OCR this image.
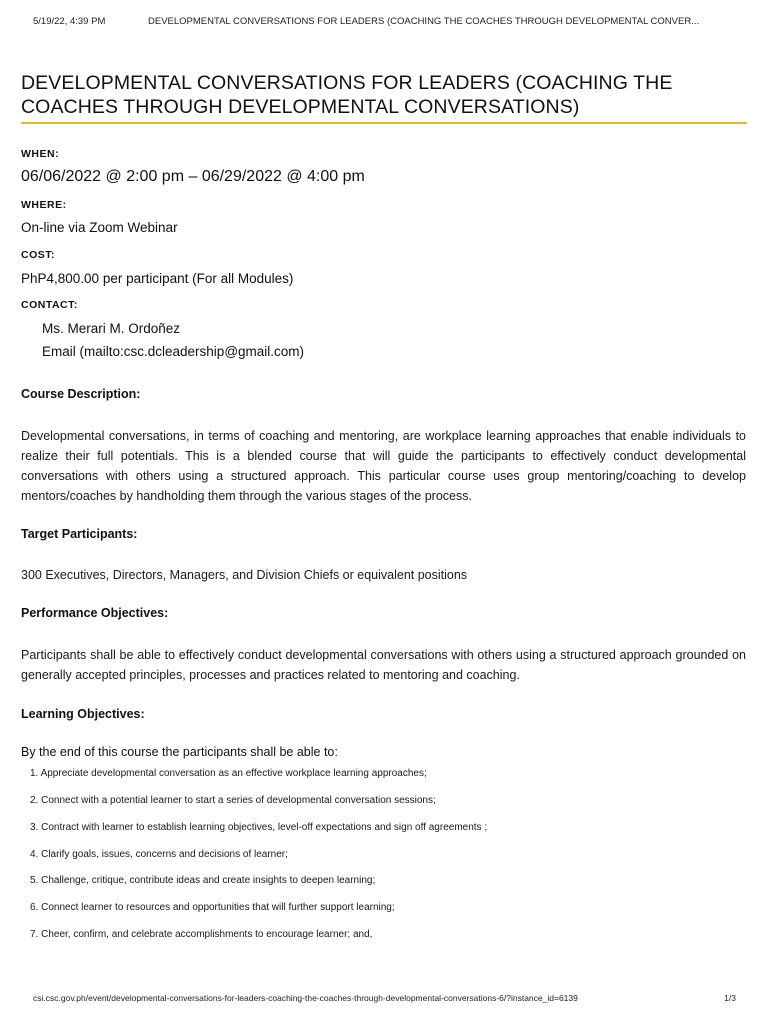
5/19/22, 4:39 PM	DEVELOPMENTAL CONVERSATIONS FOR LEADERS (COACHING THE COACHES THROUGH DEVELOPMENTAL CONVER...
DEVELOPMENTAL CONVERSATIONS FOR LEADERS (COACHING THE COACHES THROUGH DEVELOPMENTAL CONVERSATIONS)
WHEN:
06/06/2022 @ 2:00 pm – 06/29/2022 @ 4:00 pm
WHERE:
On-line via Zoom Webinar
COST:
PhP4,800.00 per participant (For all Modules)
CONTACT:
Ms. Merari M. Ordoñez
Email (mailto:csc.dcleadership@gmail.com)
Course Description:

Developmental conversations, in terms of coaching and mentoring, are workplace learning approaches that enable individuals to realize their full potentials. This is a blended course that will guide the participants to effectively conduct developmental conversations with others using a structured approach. This particular course uses group mentoring/coaching to develop mentors/coaches by handholding them through the various stages of the process.

Target Participants:

300 Executives, Directors, Managers, and Division Chiefs or equivalent positions

Performance Objectives:

Participants shall be able to effectively conduct developmental conversations with others using a structured approach grounded on generally accepted principles, processes and practices related to mentoring and coaching.

Learning Objectives:
By the end of this course the participants shall be able to:
1. Appreciate developmental conversation as an effective workplace learning approaches;
2. Connect with a potential learner to start a series of developmental conversation sessions;
3. Contract with learner to establish learning objectives, level-off expectations and sign off agreements ;
4. Clarify goals, issues, concerns and decisions of learner;
5. Challenge, critique, contribute ideas and create insights to deepen learning;
6. Connect learner to resources and opportunities that will further support learning;
7. Cheer, confirm, and celebrate accomplishments to encourage learner; and,
csi.csc.gov.ph/event/developmental-conversations-for-leaders-coaching-the-coaches-through-developmental-conversations-6/?instance_id=6139	1/3
